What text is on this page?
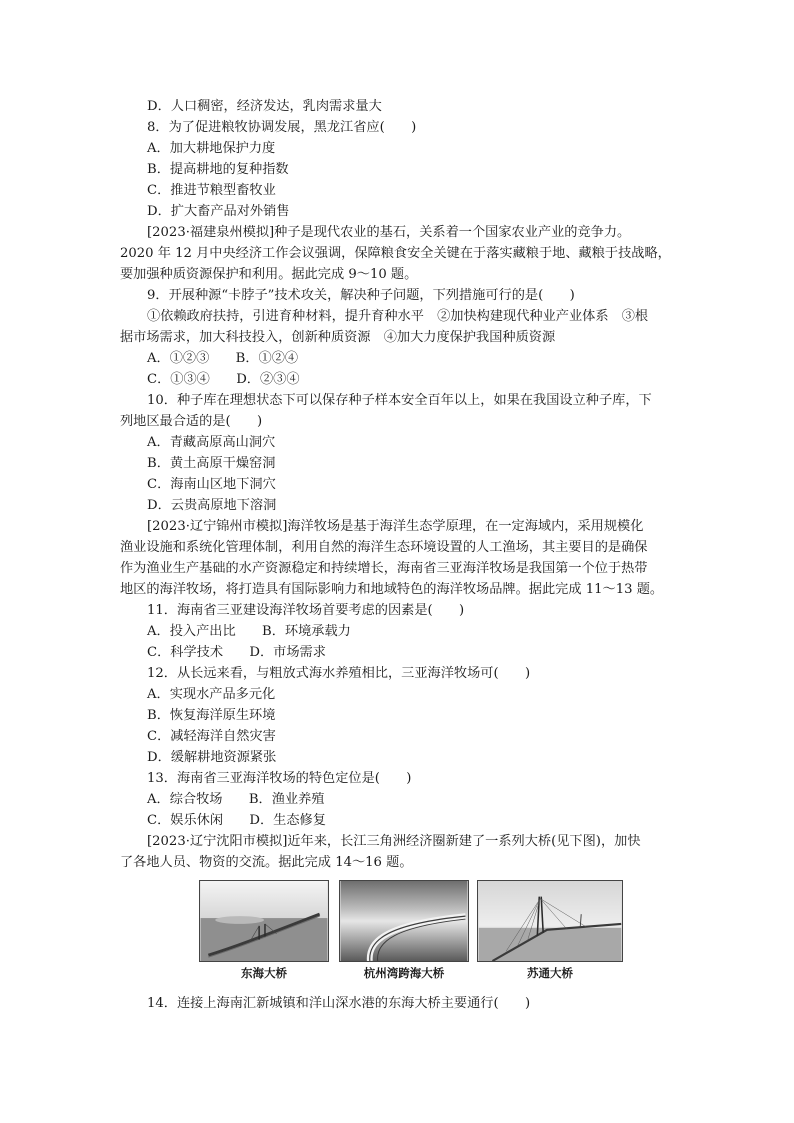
D．人口稠密，经济发达，乳肉需求量大
8．为了促进粮牧协调发展，黑龙江省应(　　)
A．加大耕地保护力度
B．提高耕地的复种指数
C．推进节粮型畜牧业
D．扩大畜产品对外销售
[2023·福建泉州模拟]种子是现代农业的基石，关系着一个国家农业产业的竞争力。
2020 年 12 月中央经济工作会议强调，保障粮食安全关键在于落实藏粮于地、藏粮于技战略，
要加强种质资源保护和利用。据此完成 9～10 题。
9．开展种源“卡脖子”技术攻关，解决种子问题，下列措施可行的是(　　)
①依赖政府扶持，引进育种材料，提升育种水平　②加快构建现代种业产业体系　③根
据市场需求，加大科技投入，创新种质资源　④加大力度保护我国种质资源
A．①②③　　B．①②④
C．①③④　　D．②③④
10．种子库在理想状态下可以保存种子样本安全百年以上，如果在我国设立种子库，下
列地区最合适的是(　　)
A．青藏高原高山洞穴
B．黄土高原干燥窑洞
C．海南山区地下洞穴
D．云贵高原地下溶洞
[2023·辽宁锦州市模拟]海洋牧场是基于海洋生态学原理，在一定海域内，采用规模化
渔业设施和系统化管理体制，利用自然的海洋生态环境设置的人工渔场，其主要目的是确保
作为渔业生产基础的水产资源稳定和持续增长，海南省三亚海洋牧场是我国第一个位于热带
地区的海洋牧场，将打造具有国际影响力和地域特色的海洋牧场品牌。据此完成 11～13 题。
11．海南省三亚建设海洋牧场首要考虑的因素是(　　)
A．投入产出比　　B．环境承载力
C．科学技术　　D．市场需求
12．从长远来看，与粗放式海水养殖相比，三亚海洋牧场可(　　)
A．实现水产品多元化
B．恢复海洋原生环境
C．减轻海洋自然灾害
D．缓解耕地资源紧张
13．海南省三亚海洋牧场的特色定位是(　　)
A．综合牧场　　B．渔业养殖
C．娱乐休闲　　D．生态修复
[2023·辽宁沈阳市模拟]近年来，长江三角洲经济圈新建了一系列大桥(见下图)，加快
了各地人员、物资的交流。据此完成 14～16 题。
东海大桥	杭州湾跨海大桥	苏通大桥
14．连接上海南汇新城镇和洋山深水港的东海大桥主要通行(　　)
